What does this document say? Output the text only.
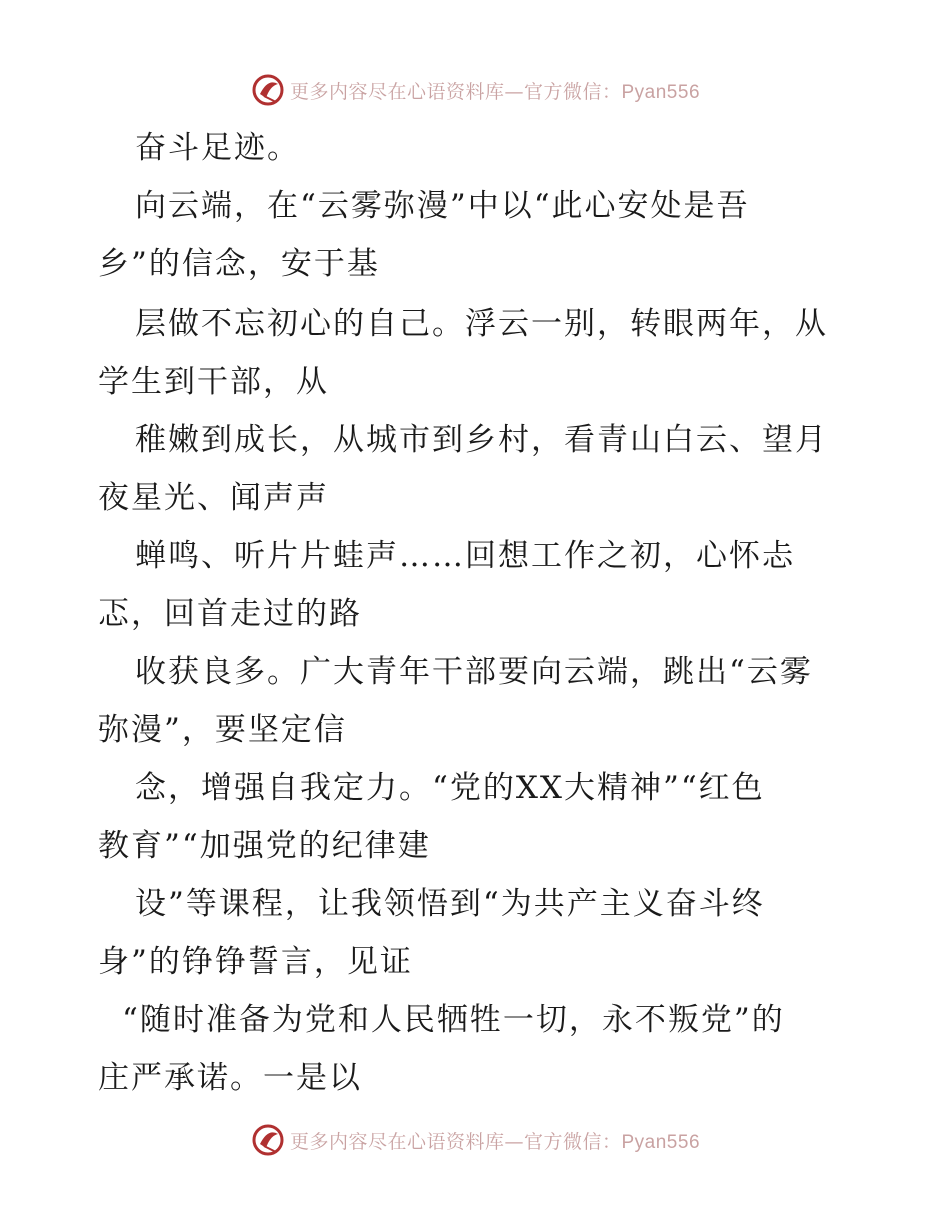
更多内容尽在心语资料库—官方微信：Pyan556
奋斗足迹。
向云端，在“云雾弥漫”中以“此心安处是吾
乡”的信念，安于基
层做不忘初心的自己。浮云一别，转眼两年，从
学生到干部，从
稚嫩到成长，从城市到乡村，看青山白云、望月
夜星光、闻声声
蝉鸣、听片片蛙声……回想工作之初，心怀忐
忑，回首走过的路
收获良多。广大青年干部要向云端，跳出“云雾
弥漫”，要坚定信
念，增强自我定力。“党的XX大精神”“红色
教育”“加强党的纪律建
设”等课程，让我领悟到“为共产主义奋斗终
身”的铮铮誓言，见证
“随时准备为党和人民牺牲一切，永不叛党”的
庄严承诺。一是以
更多内容尽在心语资料库—官方微信：Pyan556
